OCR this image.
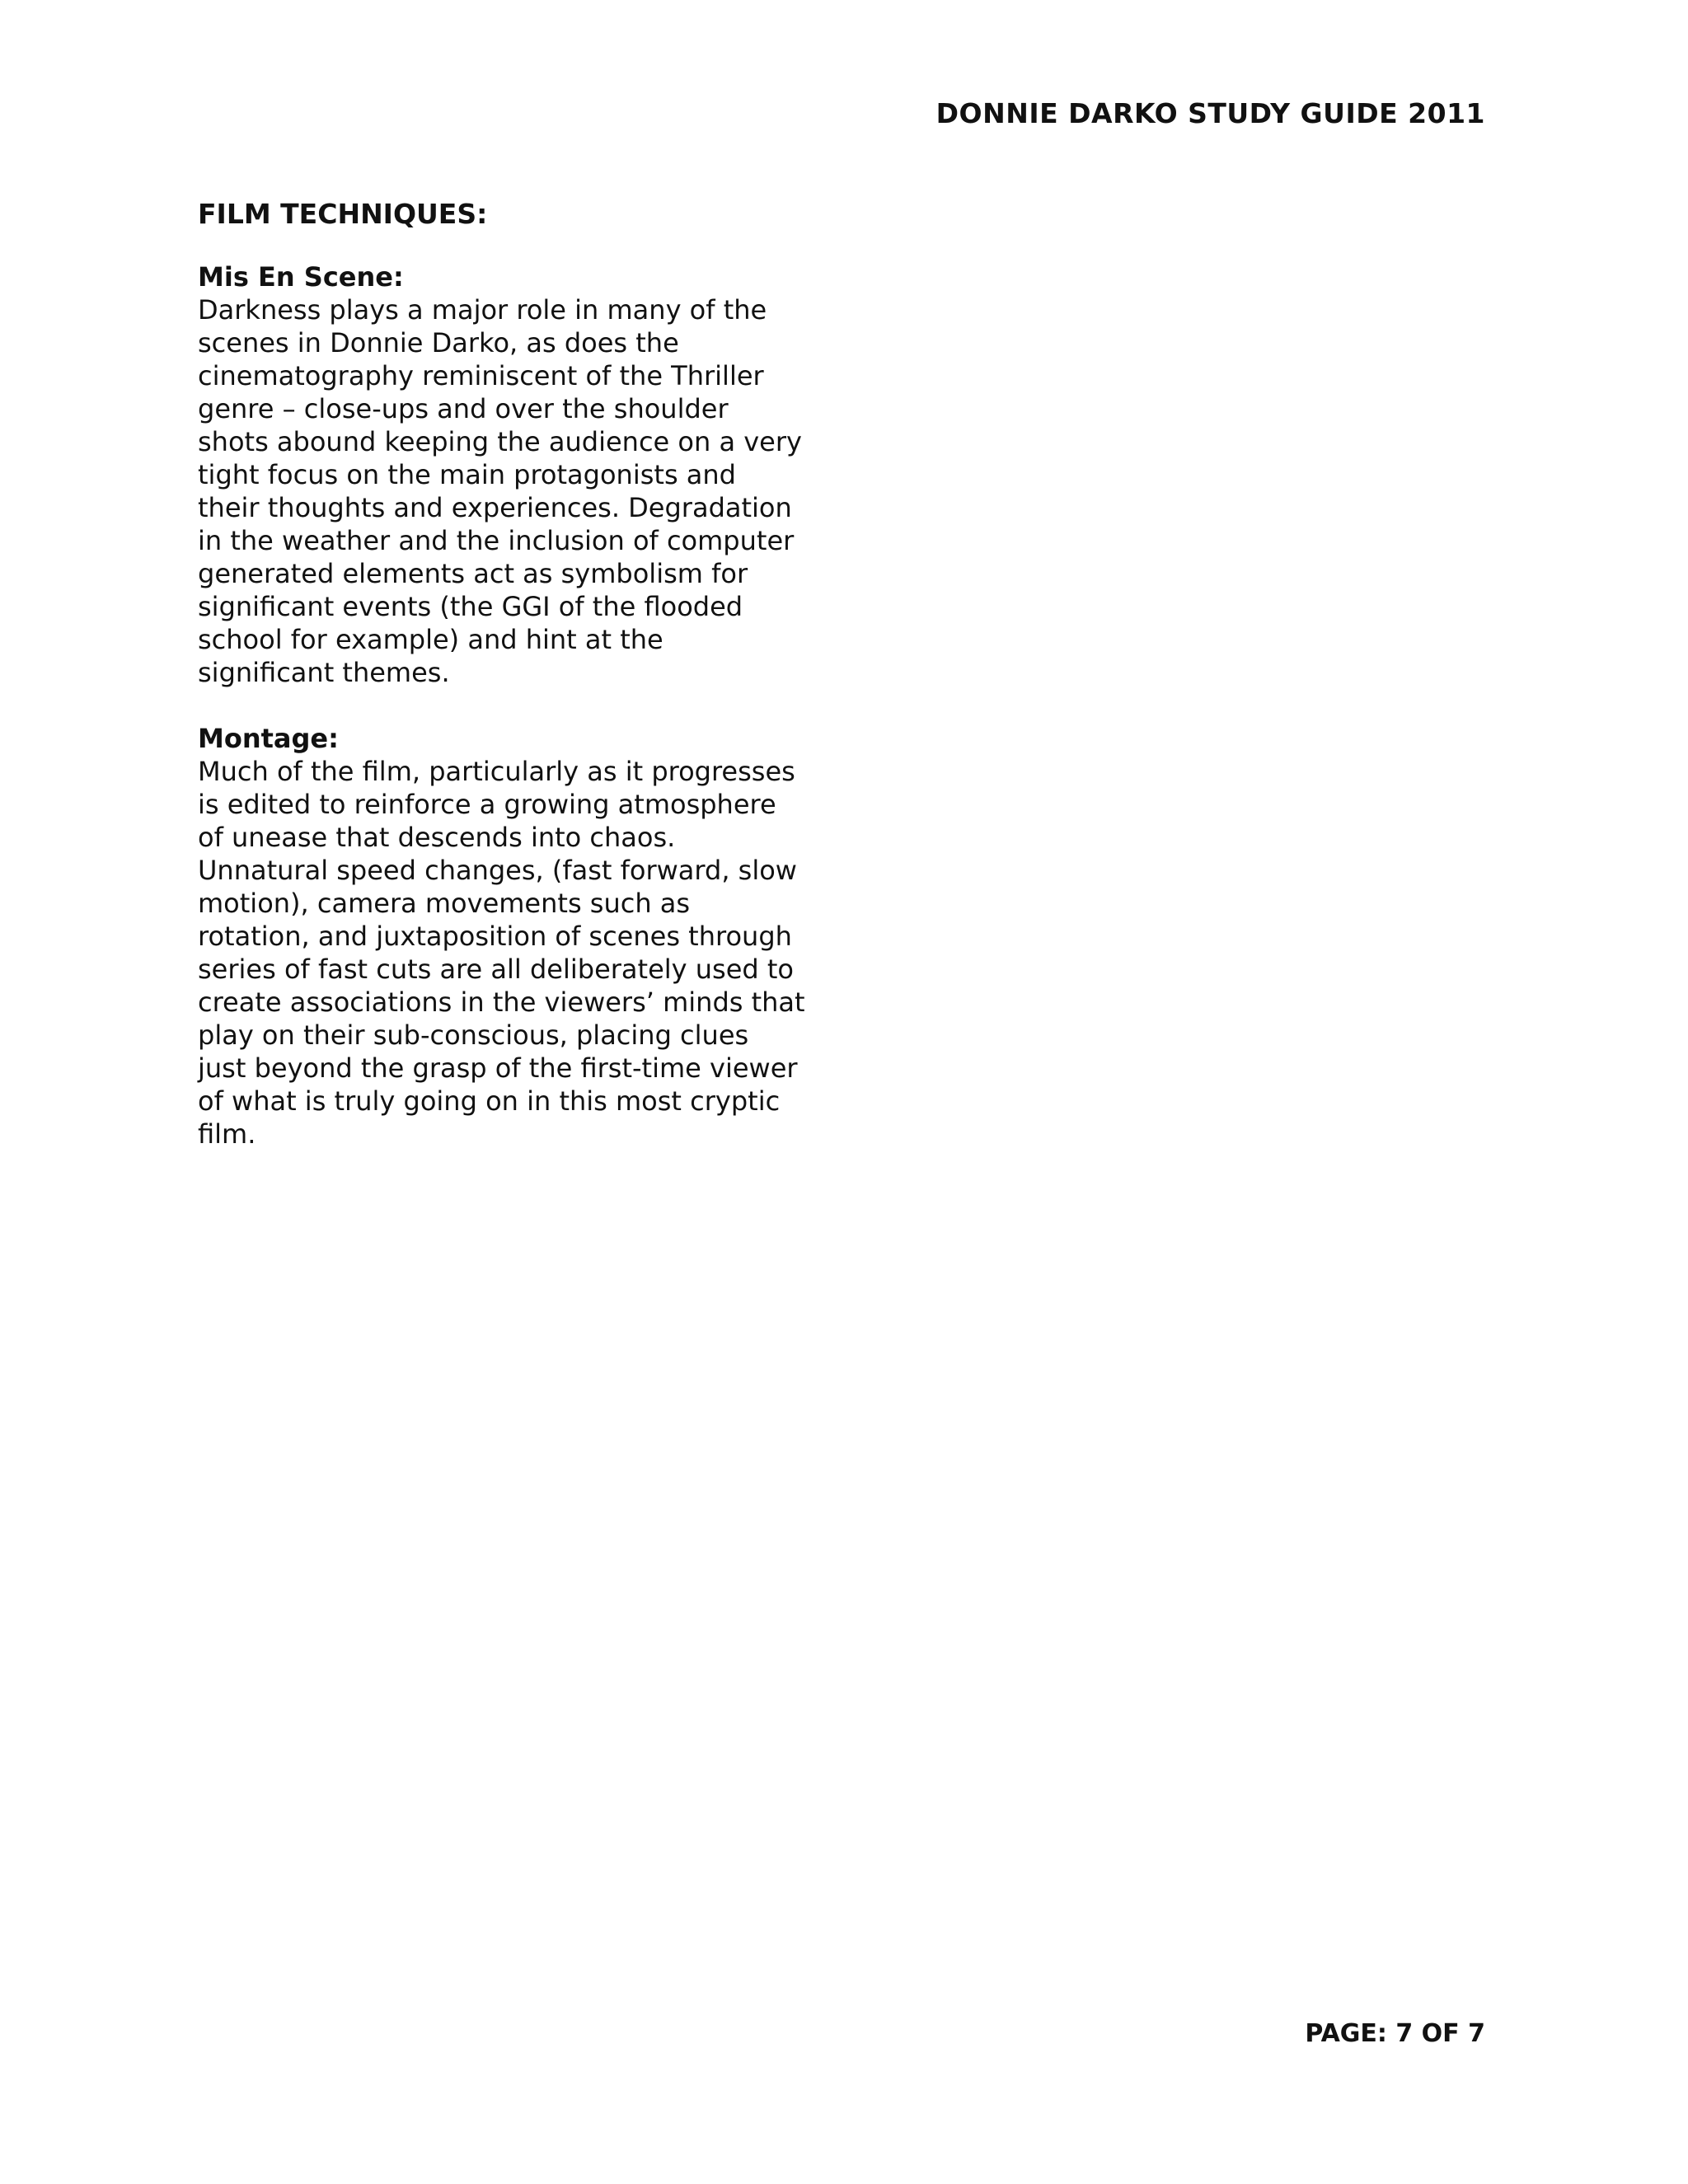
DONNIE DARKO STUDY GUIDE 2011
FILM TECHNIQUES:
Mis En Scene:
Darkness plays a major role in many of the
scenes in Donnie Darko, as does the
cinematography reminiscent of the Thriller
genre – close-ups and over the shoulder
shots abound keeping the audience on a very
tight focus on the main protagonists and
their thoughts and experiences. Degradation
in the weather and the inclusion of computer
generated elements act as symbolism for
significant events (the GGI of the flooded
school for example) and hint at the
significant themes.
Montage:
Much of the film, particularly as it progresses
is edited to reinforce a growing atmosphere
of unease that descends into chaos.
Unnatural speed changes, (fast forward, slow
motion), camera movements such as
rotation, and juxtaposition of scenes through
series of fast cuts are all deliberately used to
create associations in the viewers’ minds that
play on their sub-conscious, placing clues
just beyond the grasp of the first-time viewer
of what is truly going on in this most cryptic
film.

PAGE: 7 OF 7
